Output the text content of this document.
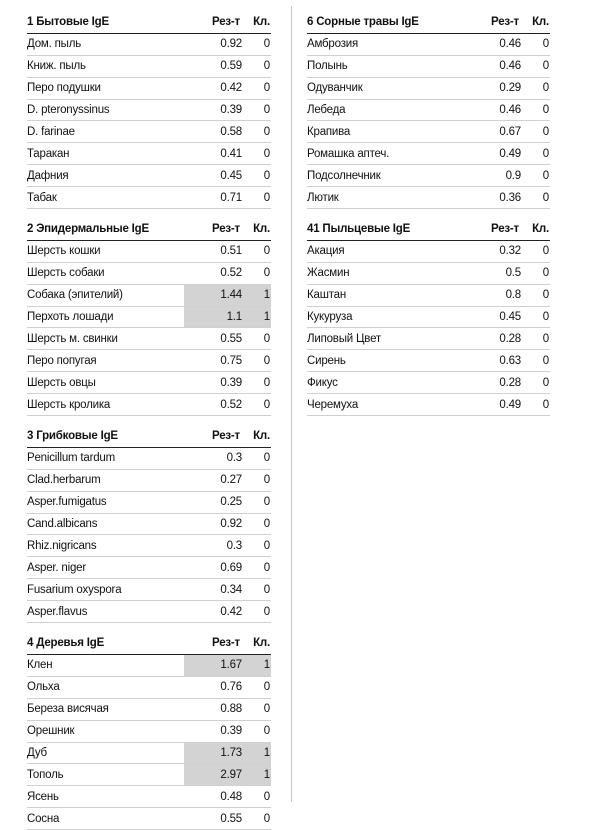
1 Бытовые IgE	Рез-т	Кл.
Дом. пыль	0.92	0
Книж. пыль	0.59	0
Перо подушки	0.42	0
D. pteronyssinus	0.39	0
D. farinae	0.58	0
Таракан	0.41	0
Дафния	0.45	0
Табак	0.71	0
2 Эпидермальные IgE	Рез-т	Кл.
Шерсть кошки	0.51	0
Шерсть собаки	0.52	0
Собака (эпителий)	1.44	1
Перхоть лошади	1.1	1
Шерсть м. свинки	0.55	0
Перо попугая	0.75	0
Шерсть овцы	0.39	0
Шерсть кролика	0.52	0
3 Грибковые IgE	Рез-т	Кл.
Penicillum tardum	0.3	0
Clad.herbarum	0.27	0
Asper.fumigatus	0.25	0
Cand.albicans	0.92	0
Rhiz.nigricans	0.3	0
Asper. niger	0.69	0
Fusarium oxyspora	0.34	0
Asper.flavus	0.42	0
4 Деревья IgE	Рез-т	Кл.
Клен	1.67	1
Ольха	0.76	0
Береза висячая	0.88	0
Орешник	0.39	0
Дуб	1.73	1
Тополь	2.97	1
Ясень	0.48	0
Сосна	0.55	0
6 Сорные травы IgE	Рез-т	Кл.
Амброзия	0.46	0
Полынь	0.46	0
Одуванчик	0.29	0
Лебеда	0.46	0
Крапива	0.67	0
Ромашка аптеч.	0.49	0
Подсолнечник	0.9	0
Лютик	0.36	0
41 Пыльцевые IgE	Рез-т	Кл.
Акация	0.32	0
Жасмин	0.5	0
Каштан	0.8	0
Кукуруза	0.45	0
Липовый Цвет	0.28	0
Сирень	0.63	0
Фикус	0.28	0
Черемуха	0.49	0
